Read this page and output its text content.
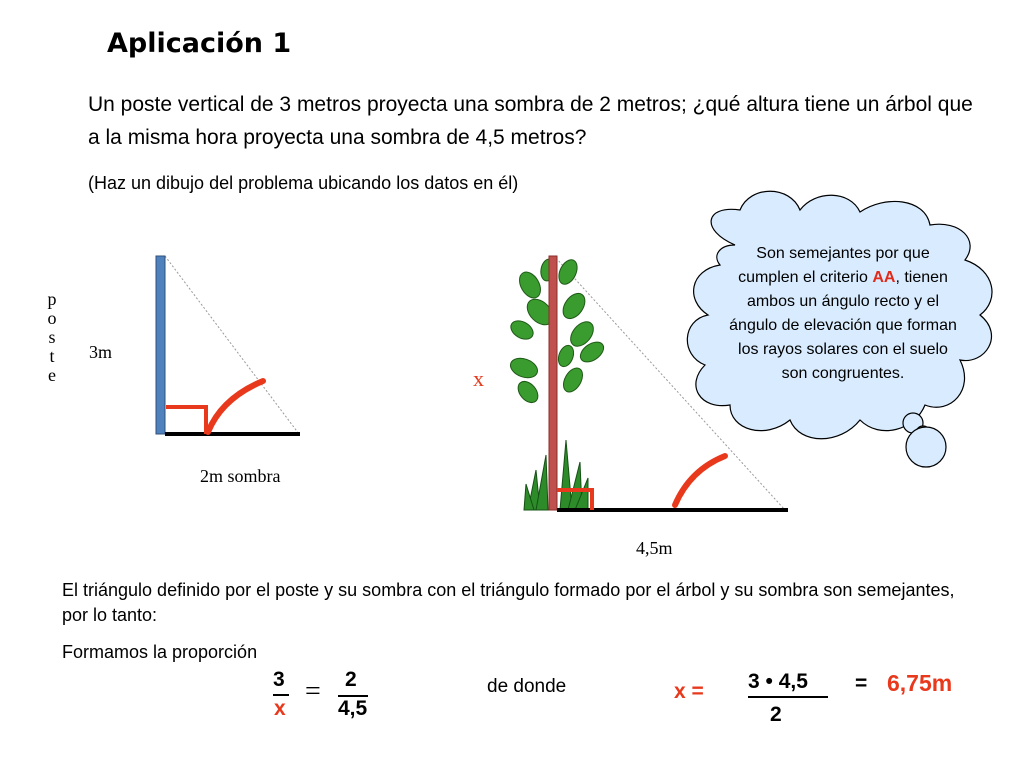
Aplicación 1
Un poste vertical de 3 metros proyecta una sombra de 2 metros; ¿qué altura tiene un árbol que a la misma hora proyecta una sombra de 4,5 metros?
(Haz un dibujo del problema ubicando los datos en él)
p
o
s
t
e
3m
2m sombra
x
4,5m
Son semejantes por que cumplen el criterio AA, tienen ambos un ángulo recto y el ángulo de elevación que forman los rayos solares con el suelo son congruentes.
El triángulo definido por el poste y su sombra con el triángulo formado por el árbol y su sombra son semejantes, por lo tanto:
Formamos la proporción
3
x
= 2
4,5
de donde	x = 3 • 4,5
2
= 6,75m
